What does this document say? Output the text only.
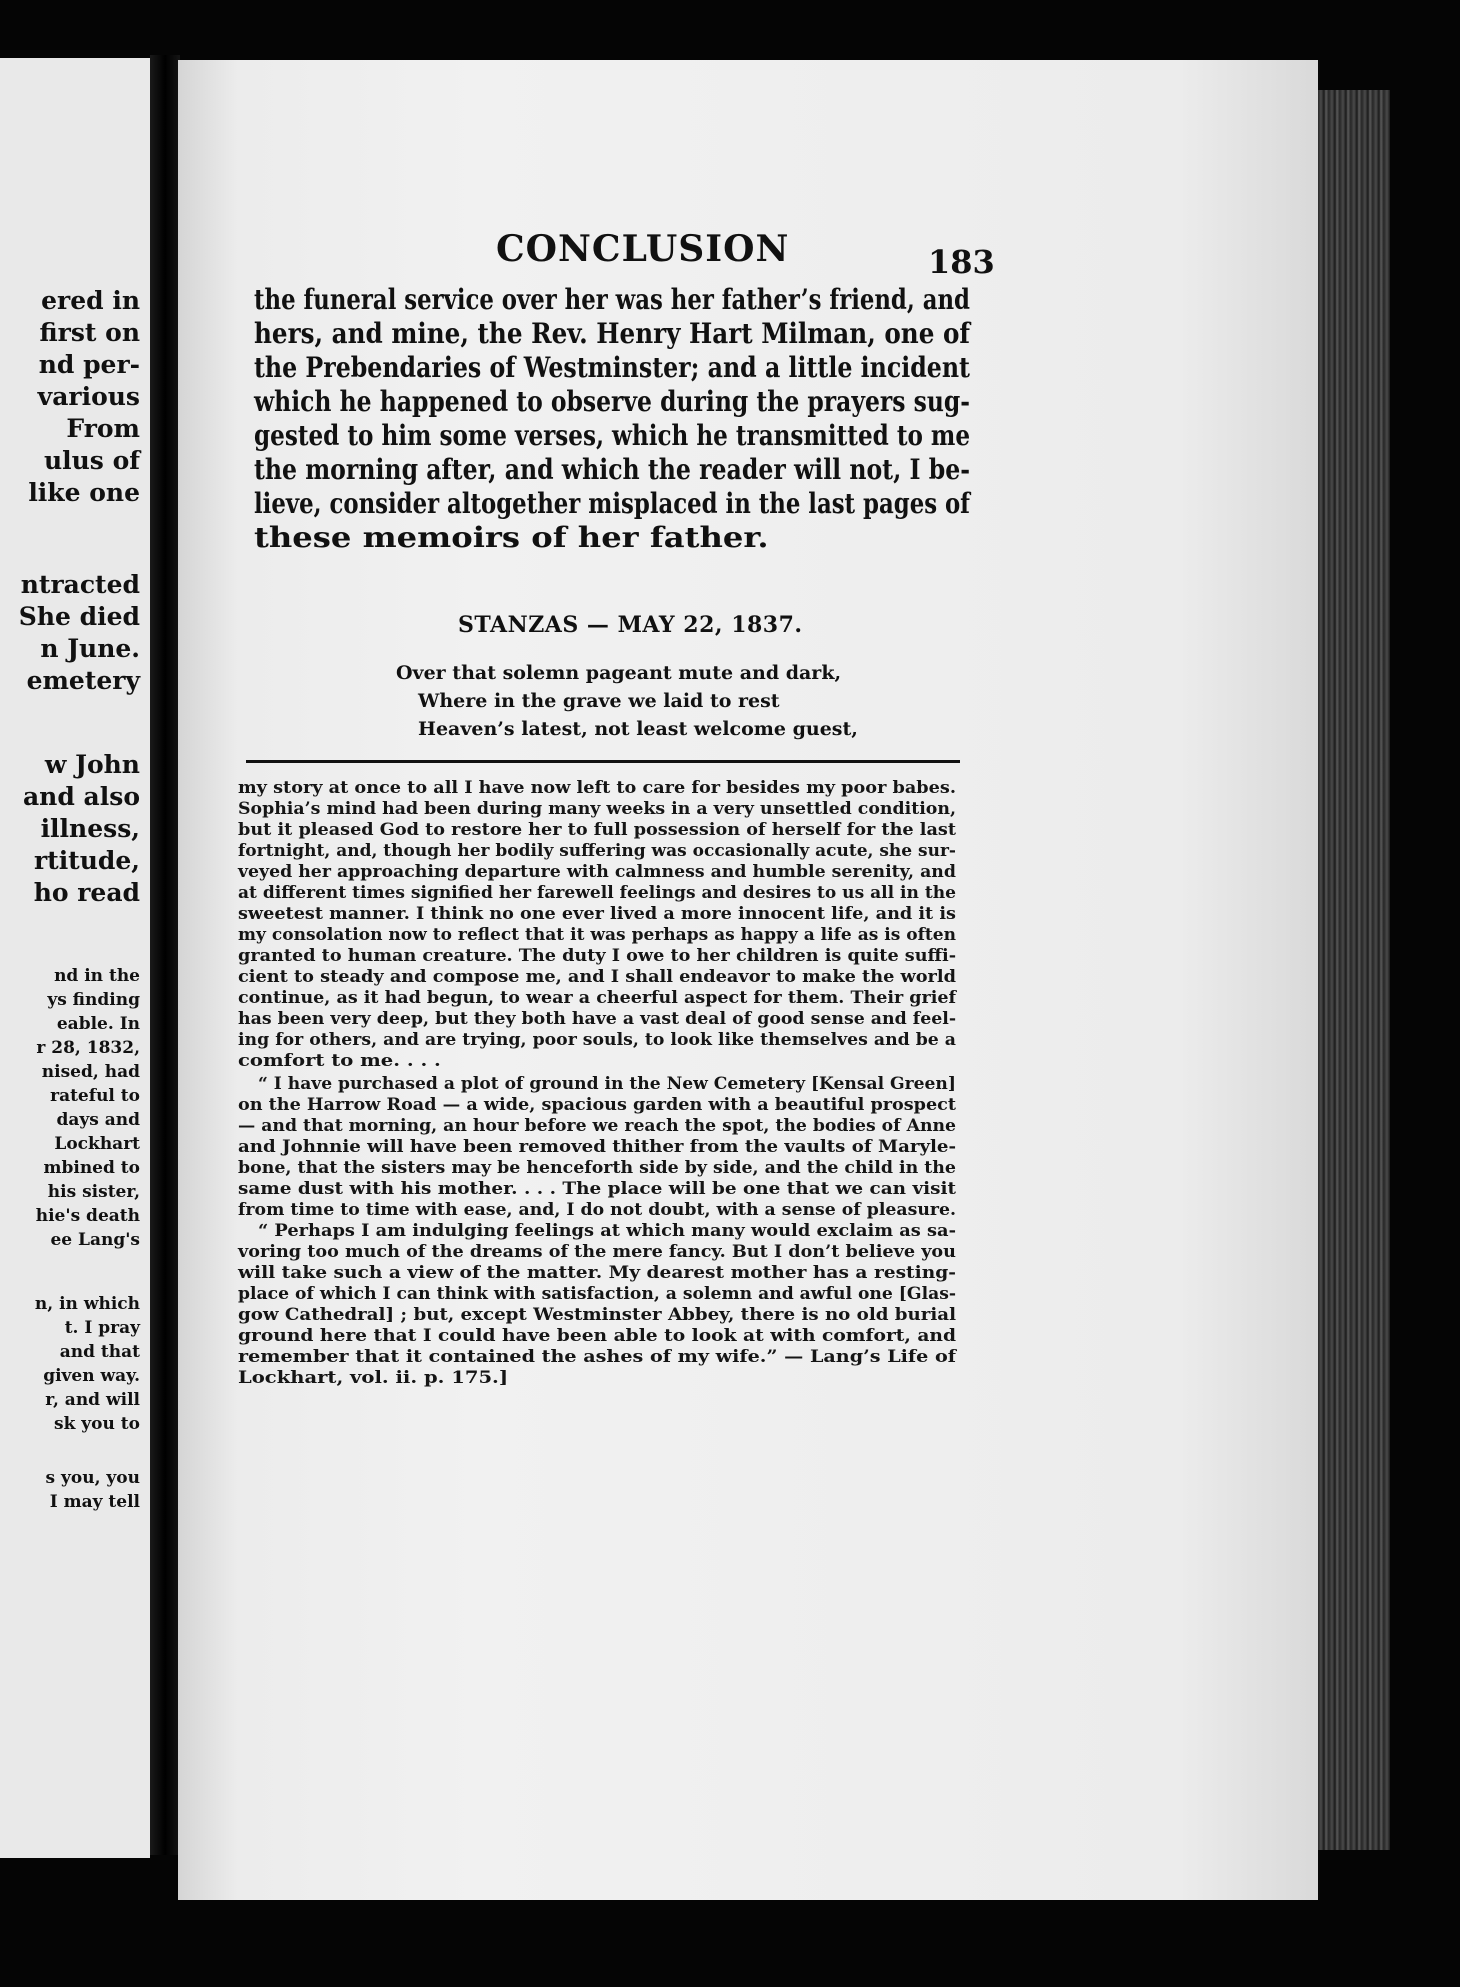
ered in
first on
nd per-
various
From
ulus of
like one
ntracted
She died
n June.
emetery
w John
and also
illness,
rtitude,
ho read
nd in the
ys finding
eable. In
r 28, 1832,
nised, had
rateful to
days and
Lockhart
mbined to
his sister,
hie's death
ee Lang's
n, in which
t. I pray
and that
given way.
r, and will
sk you to
s you, you
I may tell
CONCLUSION	183
the funeral service over her was her father’s friend, and
hers, and mine, the Rev. Henry Hart Milman, one of
the Prebendaries of Westminster; and a little incident
which he happened to observe during the prayers sug-
gested to him some verses, which he transmitted to me
the morning after, and which the reader will not, I be-
lieve, consider altogether misplaced in the last pages of
these memoirs of her father.
STANZAS — MAY 22, 1837.
Over that solemn pageant mute and dark,
Where in the grave we laid to rest
Heaven’s latest, not least welcome guest,
my story at once to all I have now left to care for besides my poor babes.
Sophia’s mind had been during many weeks in a very unsettled condition,
but it pleased God to restore her to full possession of herself for the last
fortnight, and, though her bodily suffering was occasionally acute, she sur-
veyed her approaching departure with calmness and humble serenity, and
at different times signified her farewell feelings and desires to us all in the
sweetest manner. I think no one ever lived a more innocent life, and it is
my consolation now to reflect that it was perhaps as happy a life as is often
granted to human creature. The duty I owe to her children is quite suffi-
cient to steady and compose me, and I shall endeavor to make the world
continue, as it had begun, to wear a cheerful aspect for them. Their grief
has been very deep, but they both have a vast deal of good sense and feel-
ing for others, and are trying, poor souls, to look like themselves and be a
comfort to me. . . .
“ I have purchased a plot of ground in the New Cemetery [Kensal Green]
on the Harrow Road — a wide, spacious garden with a beautiful prospect
— and that morning, an hour before we reach the spot, the bodies of Anne
and Johnnie will have been removed thither from the vaults of Maryle-
bone, that the sisters may be henceforth side by side, and the child in the
same dust with his mother. . . . The place will be one that we can visit
from time to time with ease, and, I do not doubt, with a sense of pleasure.
“ Perhaps I am indulging feelings at which many would exclaim as sa-
voring too much of the dreams of the mere fancy. But I don’t believe you
will take such a view of the matter. My dearest mother has a resting-
place of which I can think with satisfaction, a solemn and awful one [Glas-
gow Cathedral] ; but, except Westminster Abbey, there is no old burial
ground here that I could have been able to look at with comfort, and
remember that it contained the ashes of my wife.” — Lang’s Life of
Lockhart, vol. ii. p. 175.]
